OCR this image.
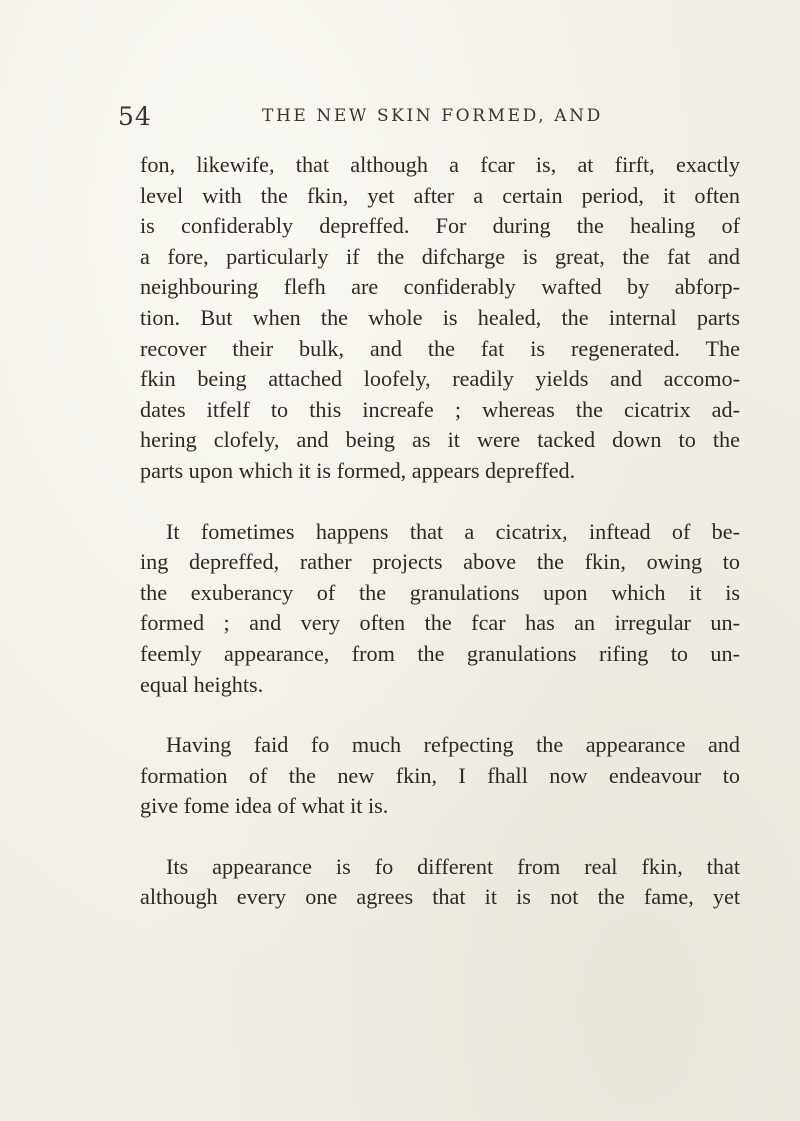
54	THE NEW SKIN FORMED, AND
fon, likewife, that although a fcar is, at firft, exactly
level with the fkin, yet after a certain period, it often
is confiderably depreffed. For during the healing of
a fore, particularly if the difcharge is great, the fat and
neighbouring flefh are confiderably wafted by abforp-
tion. But when the whole is healed, the internal parts
recover their bulk, and the fat is regenerated. The
fkin being attached loofely, readily yields and accomo-
dates itfelf to this increafe ; whereas the cicatrix ad-
hering clofely, and being as it were tacked down to the
parts upon which it is formed, appears depreffed.
It fometimes happens that a cicatrix, inftead of be-
ing depreffed, rather projects above the fkin, owing to
the exuberancy of the granulations upon which it is
formed ; and very often the fcar has an irregular un-
feemly appearance, from the granulations rifing to un-
equal heights.
Having faid fo much refpecting the appearance and
formation of the new fkin, I fhall now endeavour to
give fome idea of what it is.
Its appearance is fo different from real fkin, that
although every one agrees that it is not the fame, yet
